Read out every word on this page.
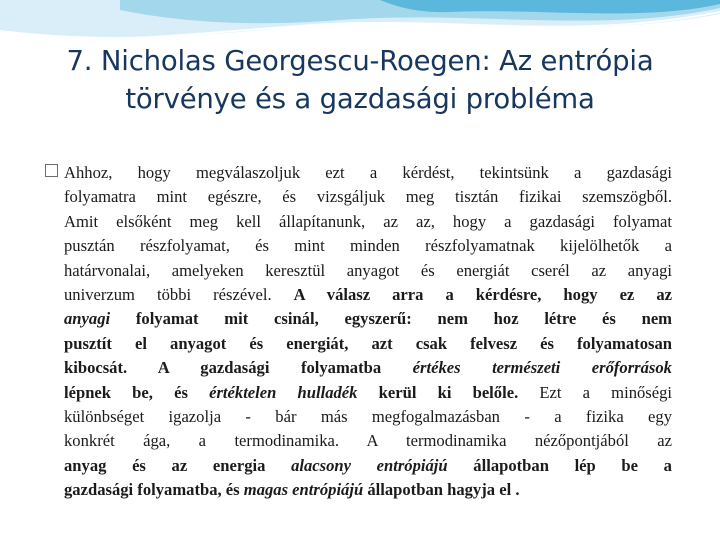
7. Nicholas Georgescu-Roegen: Az entrópia
törvénye és a gazdasági probléma
Ahhoz, hogy megválaszoljuk ezt a kérdést, tekintsünk a gazdasági
folyamatra mint egészre, és vizsgáljuk meg tisztán fizikai szemszögből.
Amit elsőként meg kell állapítanunk, az az, hogy a gazdasági folyamat
pusztán részfolyamat, és mint minden részfolyamatnak kijelölhetők a
határvonalai, amelyeken keresztül anyagot és energiát cserél az anyagi
univerzum többi részével. A válasz arra a kérdésre, hogy ez az
anyagi folyamat mit csinál, egyszerű: nem hoz létre és nem
pusztít el anyagot és energiát, azt csak felvesz és folyamatosan
kibocsát. A gazdasági folyamatba értékes természeti erőforrások
lépnek be, és értéktelen hulladék kerül ki belőle. Ezt a minőségi
különbséget igazolja - bár más megfogalmazásban - a fizika egy
konkrét ága, a termodinamika. A termodinamika nézőpontjából az
anyag és az energia alacsony entrópiájú állapotban lép be a
gazdasági folyamatba, és magas entrópiájú állapotban hagyja el .
